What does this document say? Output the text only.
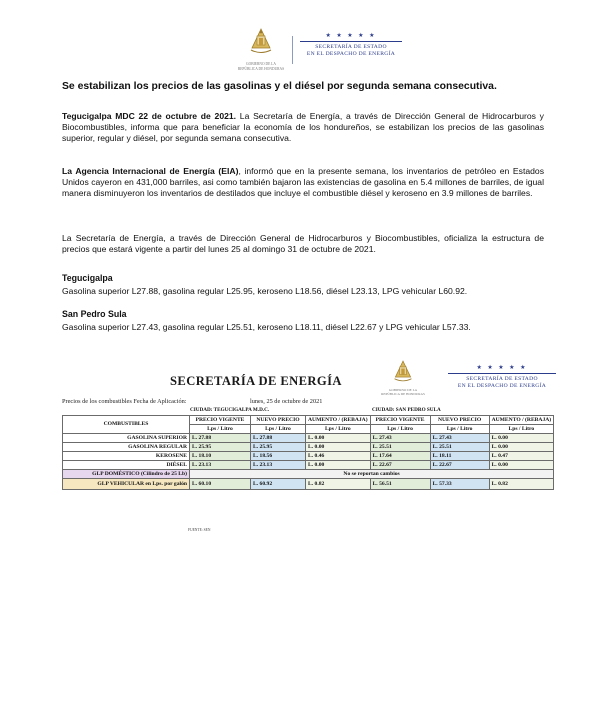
GOBIERNO DE LA
REPÚBLICA DE HONDURAS
★ ★ ★ ★ ★
SECRETARÍA DE ESTADO
EN EL DESPACHO DE ENERGÍA
Se estabilizan los precios de las gasolinas y el diésel por segunda semana consecutiva.

Tegucigalpa MDC 22 de octubre de 2021. La Secretaría de Energía, a través de Dirección General de Hidrocarburos y Biocombustibles, informa que para beneficiar la economía de los hondureños, se estabilizan los precios de las gasolinas superior, regular y diésel, por segunda semana consecutiva.

La Agencia Internacional de Energía (EIA), informó que en la presente semana, los inventarios de petróleo en Estados Unidos cayeron en 431,000 barriles, asi como también bajaron las existencias de gasolina en 5.4 millones de barriles, de igual manera disminuyeron los inventarios de destilados que incluye el combustible diésel y keroseno en 3.9 millones de barriles.

La Secretaría de Energía, a través de Dirección General de Hidrocarburos y Biocombustibles, oficializa la estructura de precios que estará vigente a partir del lunes 25 al domingo 31 de octubre de 2021.

Tegucigalpa
Gasolina superior L27.88, gasolina regular L25.95, keroseno L18.56, diésel L23.13, LPG vehicular L60.92.
San Pedro Sula
Gasolina superior L27.43, gasolina regular L25.51, keroseno L18.11, diésel L22.67 y LPG vehicular L57.33.
SECRETARÍA DE ENERGÍA
GOBIERNO DE LA
REPÚBLICA DE HONDURAS
★ ★ ★ ★ ★
SECRETARÍA DE ESTADO
EN EL DESPACHO DE ENERGÍA
Precios de los combustibles Fecha de Aplicación:	lunes, 25 de octubre de 2021
CIUDAD: TEGUCIGALPA M.D.C.	CIUDAD: SAN PEDRO SULA
COMBUSTIBLES	PRECIO VIGENTE	NUEVO PRECIO	AUMENTO / (REBAJA)	PRECIO VIGENTE	NUEVO PRECIO	AUMENTO / (REBAJA)
	Lps / Litro	Lps / Litro	Lps / Litro	Lps / Litro	Lps / Litro	Lps / Litro
GASOLINA SUPERIOR	L. 27.88	L. 27.88	L. 0.00	L. 27.43	L. 27.43	L. 0.00
GASOLINA REGULAR	L. 25.95	L. 25.95	L. 0.00	L. 25.51	L. 25.51	L. 0.00
KEROSENE	L. 18.10	L. 18.56	L. 0.46	L. 17.64	L. 18.11	L. 0.47
DIÉSEL	L. 23.13	L. 23.13	L. 0.00	L. 22.67	L. 22.67	L. 0.00
GLP DOMÉSTICO (Cilindro de 25 Lb)	No se reportan cambios					
GLP VEHICULAR en Lps. por galón	L. 60.10	L. 60.92	L. 0.82	L. 56.51	L. 57.33	L. 0.82
FUENTE: SEN
